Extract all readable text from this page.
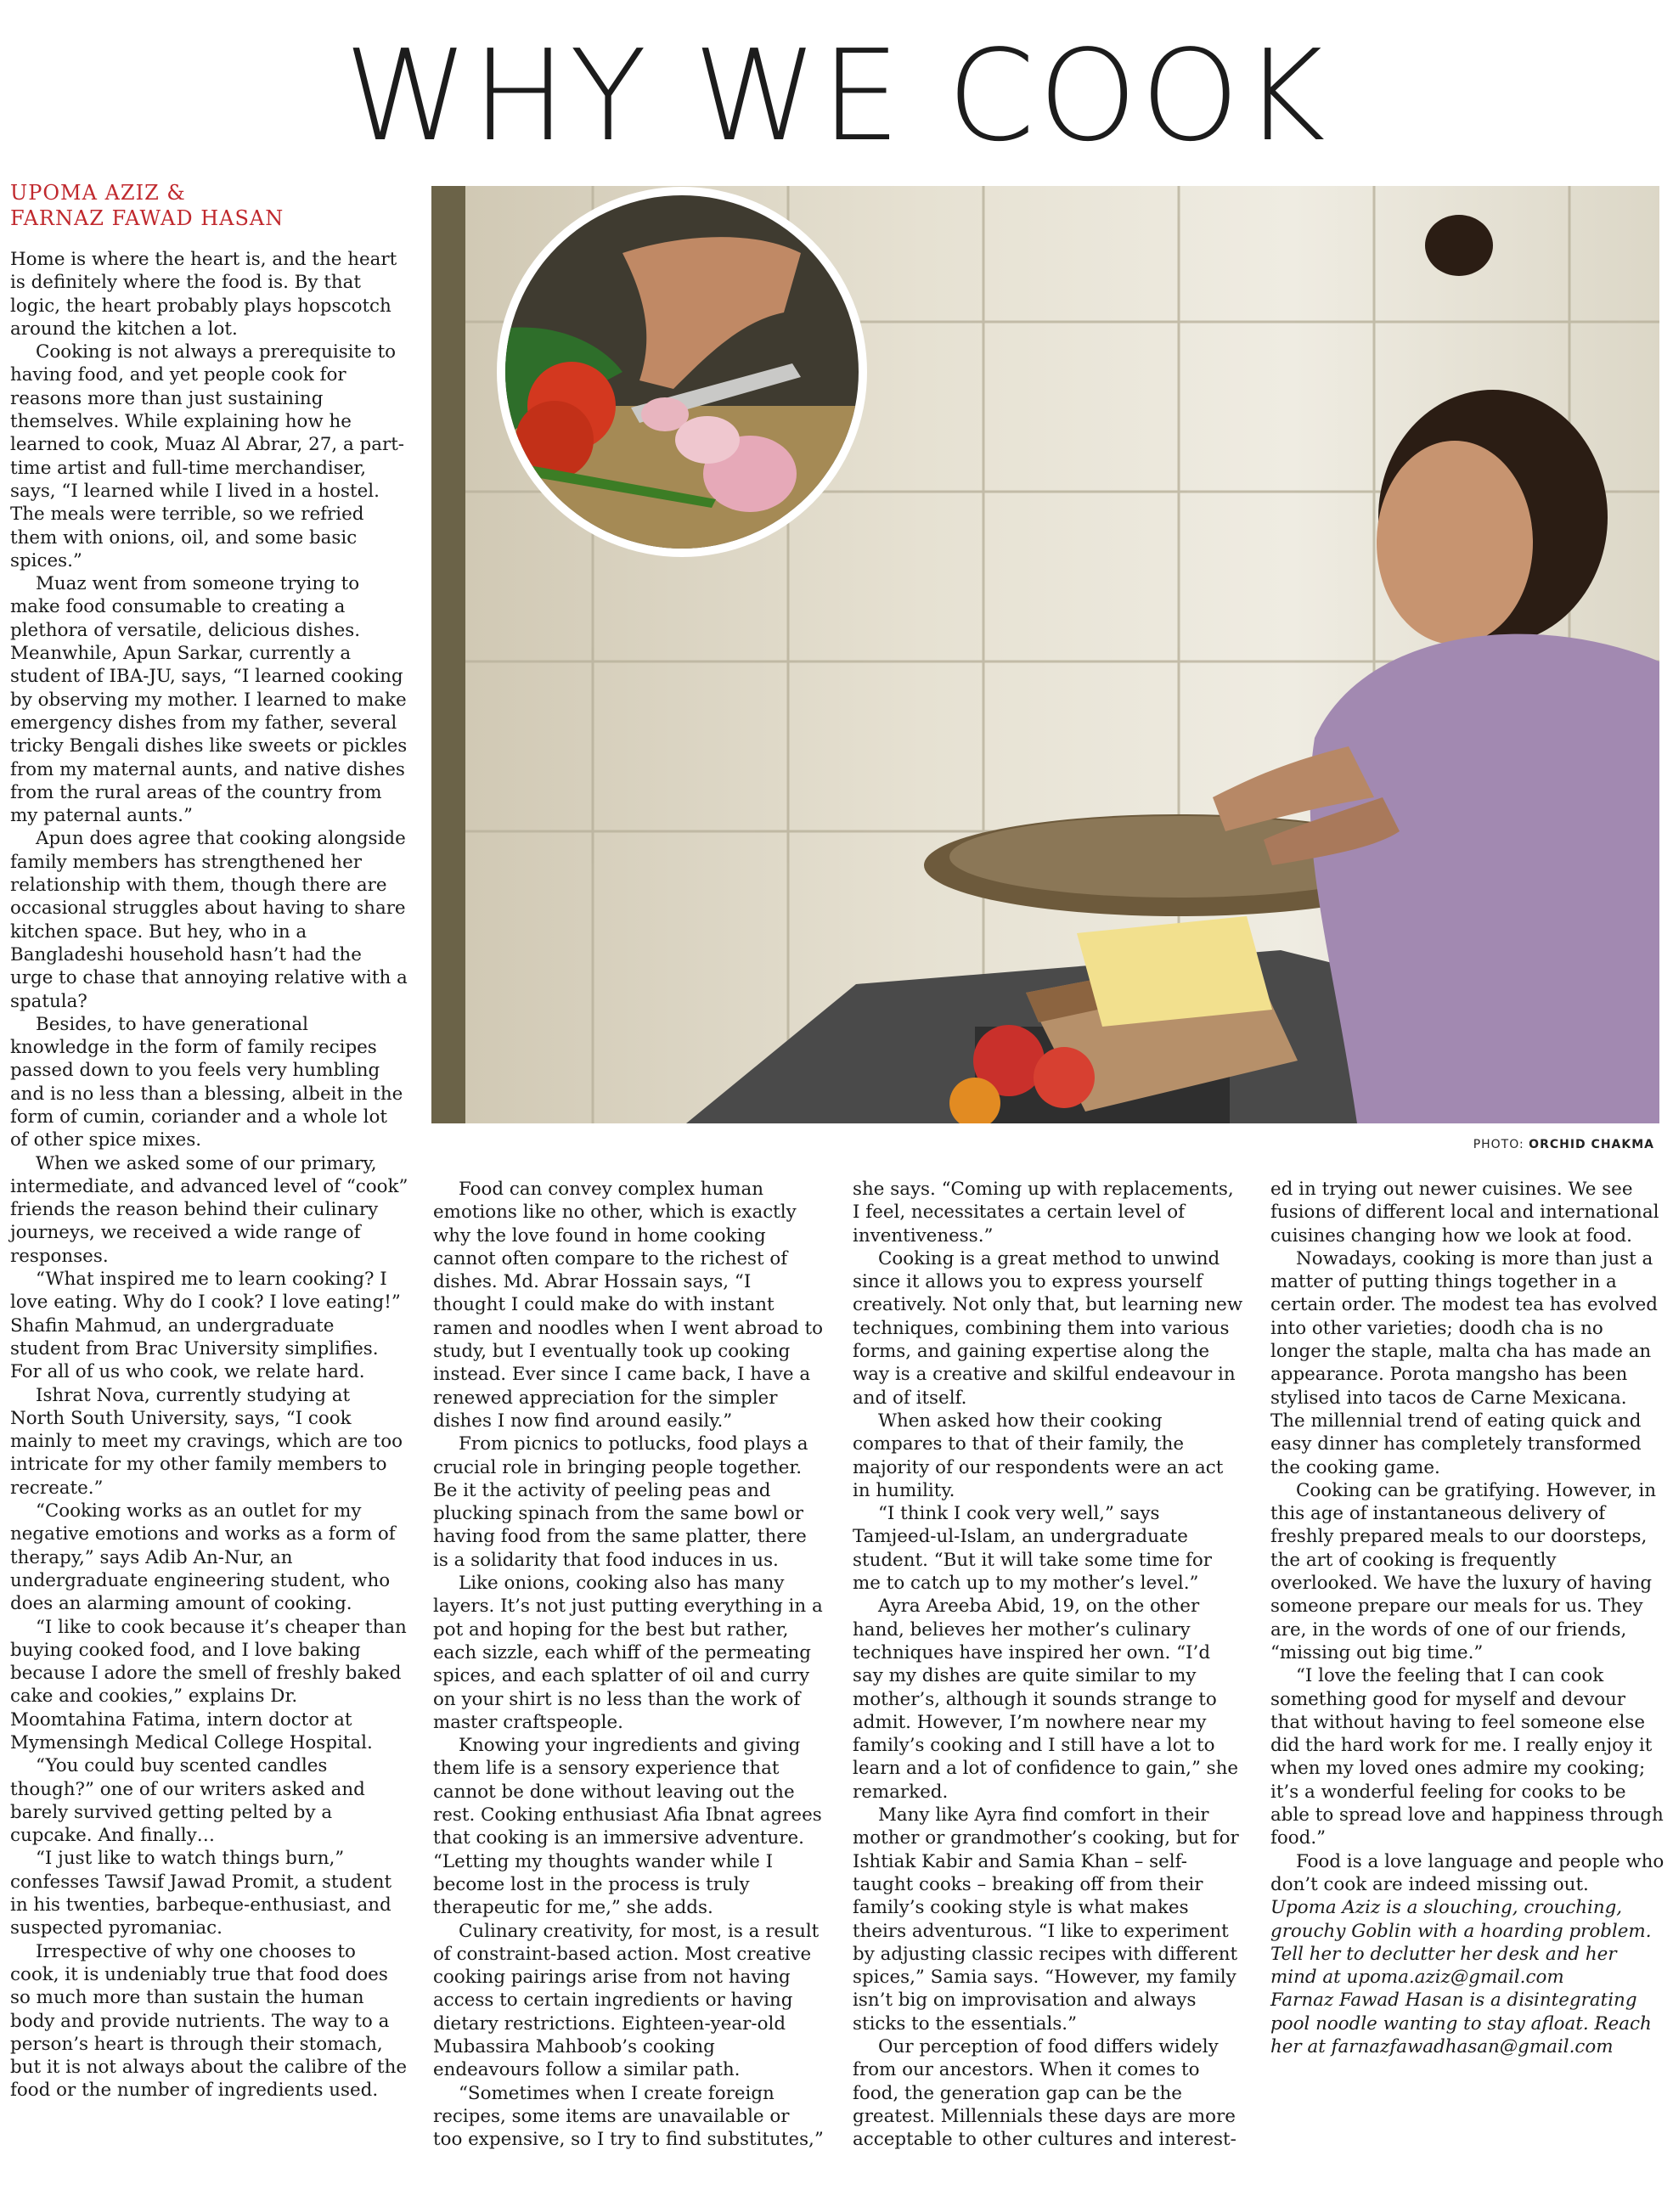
WHY WE COOK
UPOMA AZIZ &
FARNAZ FAWAD HASAN

Home is where the heart is, and the heart is definitely where the food is. By that logic, the heart probably plays hopscotch around the kitchen a lot.

Cooking is not always a prerequisite to having food, and yet people cook for reasons more than just sustaining themselves. While explaining how he learned to cook, Muaz Al Abrar, 27, a part-time artist and full-time merchandiser, says, “I learned while I lived in a hostel. The meals were terrible, so we refried them with onions, oil, and some basic spices.”

Muaz went from someone trying to make food consumable to creating a plethora of versatile, delicious dishes. Meanwhile, Apun Sarkar, currently a student of IBA-JU, says, “I learned cooking by observing my mother. I learned to make emergency dishes from my father, several tricky Bengali dishes like sweets or pickles from my maternal aunts, and native dishes from the rural areas of the country from my paternal aunts.”

Apun does agree that cooking alongside family members has strengthened her relationship with them, though there are occasional struggles about having to share kitchen space. But hey, who in a Bangladeshi household hasn’t had the urge to chase that annoying relative with a spatula?

Besides, to have generational knowledge in the form of family recipes passed down to you feels very humbling and is no less than a blessing, albeit in the form of cumin, coriander and a whole lot of other spice mixes.

When we asked some of our primary, intermediate, and advanced level of “cook” friends the reason behind their culinary journeys, we received a wide range of responses.

“What inspired me to learn cooking? I love eating. Why do I cook? I love eating!” Shafin Mahmud, an undergraduate student from Brac University simplifies. For all of us who cook, we relate hard.

Ishrat Nova, currently studying at North South University, says, “I cook mainly to meet my cravings, which are too intricate for my other family members to recreate.”

“Cooking works as an outlet for my negative emotions and works as a form of therapy,” says Adib An-Nur, an undergraduate engineering student, who does an alarming amount of cooking.

“I like to cook because it’s cheaper than buying cooked food, and I love baking because I adore the smell of freshly baked cake and cookies,” explains Dr. Moomtahina Fatima, intern doctor at Mymensingh Medical College Hospital.

“You could buy scented candles though?” one of our writers asked and barely survived getting pelted by a cupcake. And finally…

“I just like to watch things burn,” confesses Tawsif Jawad Promit, a student in his twenties, barbeque-enthusiast, and suspected pyromaniac.

Irrespective of why one chooses to cook, it is undeniably true that food does so much more than sustain the human body and provide nutrients. The way to a person’s heart is through their stomach, but it is not always about the calibre of the food or the number of ingredients used.

PHOTO: ORCHID CHAKMA

Food can convey complex human emotions like no other, which is exactly why the love found in home cooking cannot often compare to the richest of dishes. Md. Abrar Hossain says, “I thought I could make do with instant ramen and noodles when I went abroad to study, but I eventually took up cooking instead. Ever since I came back, I have a renewed appreciation for the simpler dishes I now find around easily.”

From picnics to potlucks, food plays a crucial role in bringing people together. Be it the activity of peeling peas and plucking spinach from the same bowl or having food from the same platter, there is a solidarity that food induces in us.

Like onions, cooking also has many layers. It’s not just putting everything in a pot and hoping for the best but rather, each sizzle, each whiff of the permeating spices, and each splatter of oil and curry on your shirt is no less than the work of master craftspeople.

Knowing your ingredients and giving them life is a sensory experience that cannot be done without leaving out the rest. Cooking enthusiast Afia Ibnat agrees that cooking is an immersive adventure. “Letting my thoughts wander while I become lost in the process is truly therapeutic for me,” she adds.

Culinary creativity, for most, is a result of constraint-based action. Most creative cooking pairings arise from not having access to certain ingredients or having dietary restrictions. Eighteen-year-old Mubassira Mahboob’s cooking endeavours follow a similar path.

“Sometimes when I create foreign recipes, some items are unavailable or too expensive, so I try to find substitutes,”

she says. “Coming up with replacements, I feel, necessitates a certain level of inventiveness.”

Cooking is a great method to unwind since it allows you to express yourself creatively. Not only that, but learning new techniques, combining them into various forms, and gaining expertise along the way is a creative and skilful endeavour in and of itself.

When asked how their cooking compares to that of their family, the majority of our respondents were an act in humility.

“I think I cook very well,” says Tamjeed-ul-Islam, an undergraduate student. “But it will take some time for me to catch up to my mother’s level.”

Ayra Areeba Abid, 19, on the other hand, believes her mother’s culinary techniques have inspired her own. “I’d say my dishes are quite similar to my mother’s, although it sounds strange to admit. However, I’m nowhere near my family’s cooking and I still have a lot to learn and a lot of confidence to gain,” she remarked.

Many like Ayra find comfort in their mother or grandmother’s cooking, but for Ishtiak Kabir and Samia Khan – self-taught cooks – breaking off from their family’s cooking style is what makes theirs adventurous. “I like to experiment by adjusting classic recipes with different spices,” Samia says. “However, my family isn’t big on improvisation and always sticks to the essentials.”

Our perception of food differs widely from our ancestors. When it comes to food, the generation gap can be the greatest. Millennials these days are more acceptable to other cultures and interest-

ed in trying out newer cuisines. We see fusions of different local and international cuisines changing how we look at food.

Nowadays, cooking is more than just a matter of putting things together in a certain order. The modest tea has evolved into other varieties; doodh cha is no longer the staple, malta cha has made an appearance. Porota mangsho has been stylised into tacos de Carne Mexicana. The millennial trend of eating quick and easy dinner has completely transformed the cooking game.

Cooking can be gratifying. However, in this age of instantaneous delivery of freshly prepared meals to our doorsteps, the art of cooking is frequently overlooked. We have the luxury of having someone prepare our meals for us. They are, in the words of one of our friends, “missing out big time.”

“I love the feeling that I can cook something good for myself and devour that without having to feel someone else did the hard work for me. I really enjoy it when my loved ones admire my cooking; it’s a wonderful feeling for cooks to be able to spread love and happiness through food.”

Food is a love language and people who don’t cook are indeed missing out.

Upoma Aziz is a slouching, crouching, grouchy Goblin with a hoarding problem. Tell her to declutter her desk and her mind at upoma.aziz@gmail.com

Farnaz Fawad Hasan is a disintegrating pool noodle wanting to stay afloat. Reach her at farnazfawadhasan@gmail.com
